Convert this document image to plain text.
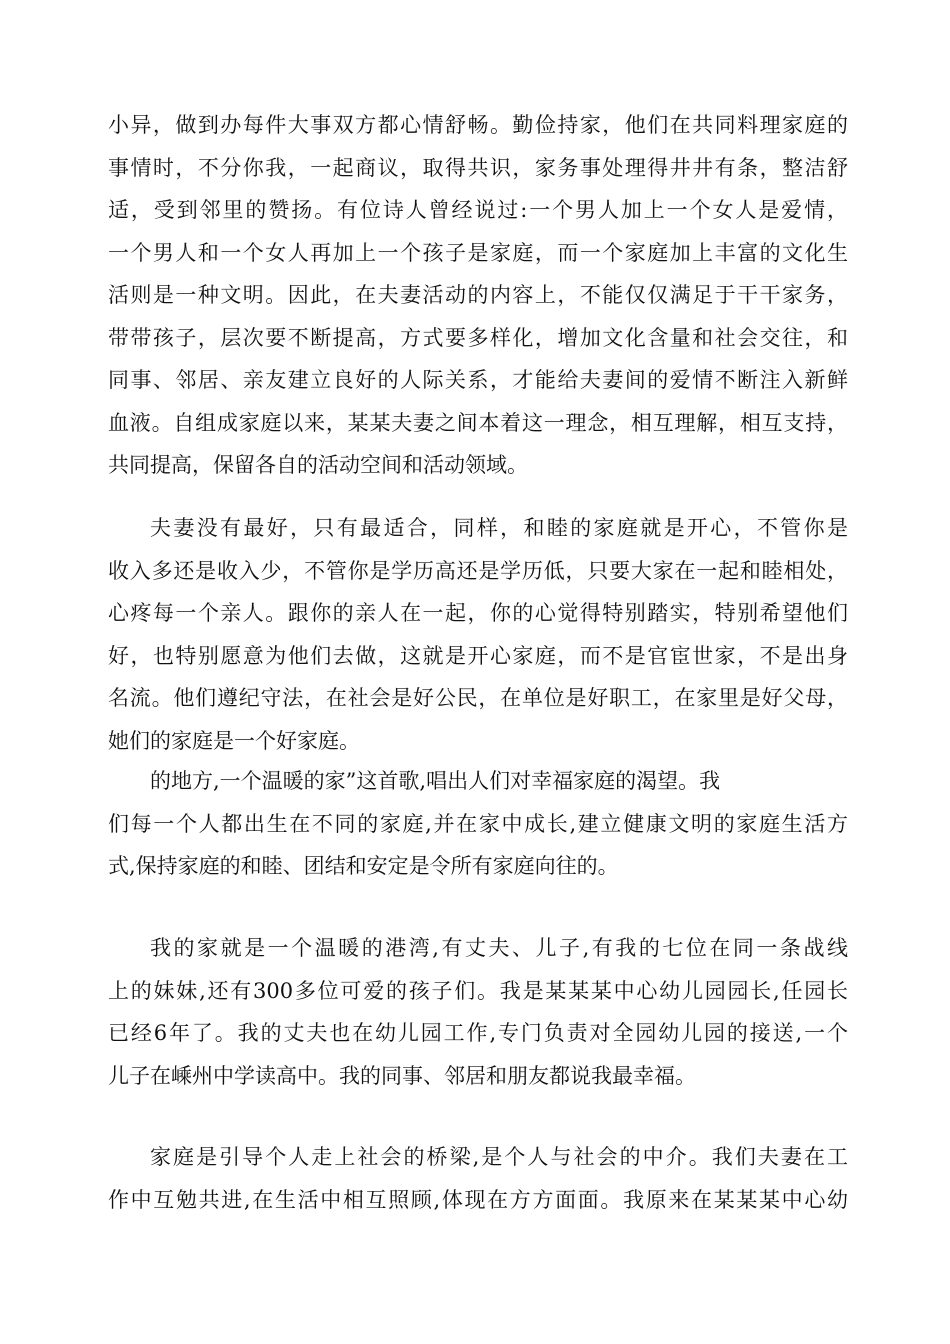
小异，做到办每件大事双方都心情舒畅。勤俭持家，他们在共同料理家庭的
事情时，不分你我，一起商议，取得共识，家务事处理得井井有条，整洁舒
适，受到邻里的赞扬。有位诗人曾经说过:一个男人加上一个女人是爱情，
一个男人和一个女人再加上一个孩子是家庭，而一个家庭加上丰富的文化生
活则是一种文明。因此，在夫妻活动的内容上，不能仅仅满足于干干家务，
带带孩子，层次要不断提高，方式要多样化，增加文化含量和社会交往，和
同事、邻居、亲友建立良好的人际关系，才能给夫妻间的爱情不断注入新鲜
血液。自组成家庭以来，某某夫妻之间本着这一理念，相互理解，相互支持，
共同提高，保留各自的活动空间和活动领域。
夫妻没有最好，只有最适合，同样，和睦的家庭就是开心，不管你是
收入多还是收入少，不管你是学历高还是学历低，只要大家在一起和睦相处，
心疼每一个亲人。跟你的亲人在一起，你的心觉得特别踏实，特别希望他们
好，也特别愿意为他们去做，这就是开心家庭，而不是官宦世家，不是出身
名流。他们遵纪守法，在社会是好公民，在单位是好职工，在家里是好父母，
她们的家庭是一个好家庭。
的地方,一个温暖的家”这首歌,唱出人们对幸福家庭的渴望。我
们每一个人都出生在不同的家庭,并在家中成长,建立健康文明的家庭生活方
式,保持家庭的和睦、团结和安定是令所有家庭向往的。
我的家就是一个温暖的港湾,有丈夫、儿子,有我的七位在同一条战线
上的妹妹,还有300多位可爱的孩子们。我是某某某中心幼儿园园长,任园长
已经6年了。我的丈夫也在幼儿园工作,专门负责对全园幼儿园的接送,一个
儿子在嵊州中学读高中。我的同事、邻居和朋友都说我最幸福。
家庭是引导个人走上社会的桥梁,是个人与社会的中介。我们夫妻在工
作中互勉共进,在生活中相互照顾,体现在方方面面。我原来在某某某中心幼
